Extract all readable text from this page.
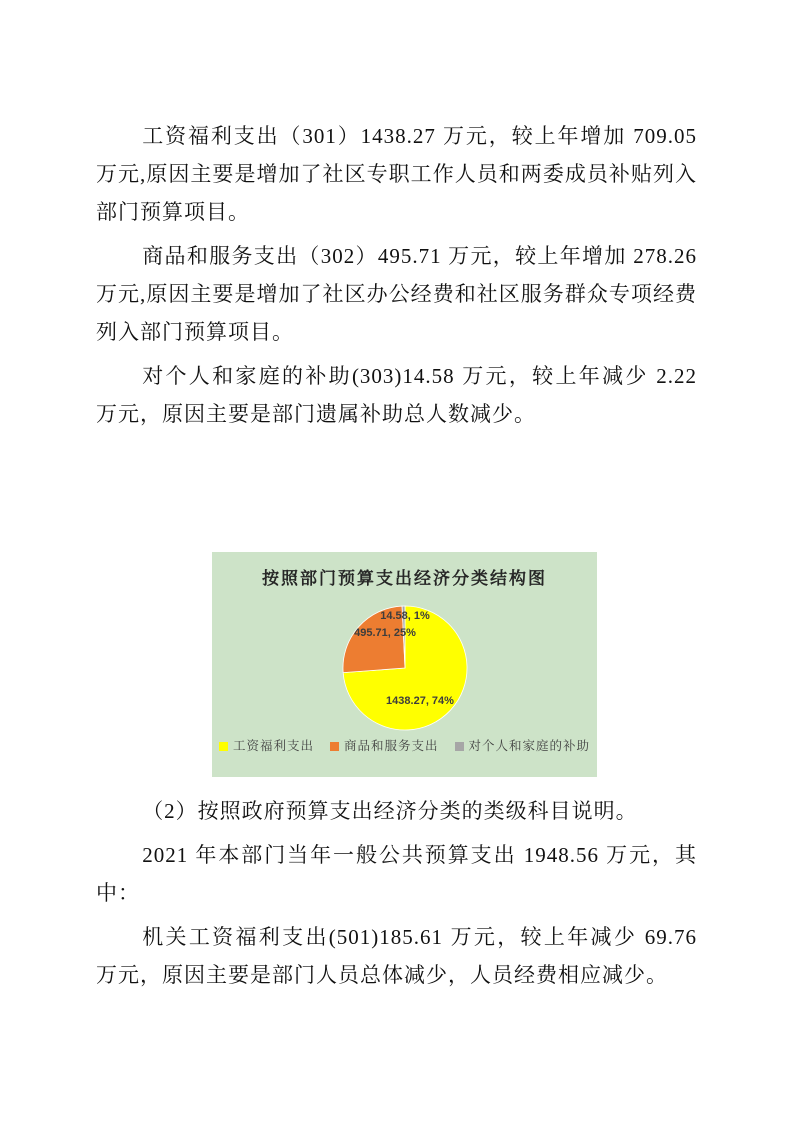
工资福利支出（301）1438.27 万元，较上年增加 709.05 万元,原因主要是增加了社区专职工作人员和两委成员补贴列入部门预算项目。

商品和服务支出（302）495.71 万元，较上年增加 278.26 万元,原因主要是增加了社区办公经费和社区服务群众专项经费列入部门预算项目。

对个人和家庭的补助(303)14.58 万元，较上年减少 2.22 万元，原因主要是部门遗属补助总人数减少。

按照部门预算支出经济分类结构图
1438.27, 74%
495.71, 25%
14.58, 1%
工资福利支出 商品和服务支出 对个人和家庭的补助

（2）按照政府预算支出经济分类的类级科目说明。

2021 年本部门当年一般公共预算支出 1948.56 万元，其中：

机关工资福利支出(501)185.61 万元，较上年减少 69.76 万元，原因主要是部门人员总体减少，人员经费相应减少。
